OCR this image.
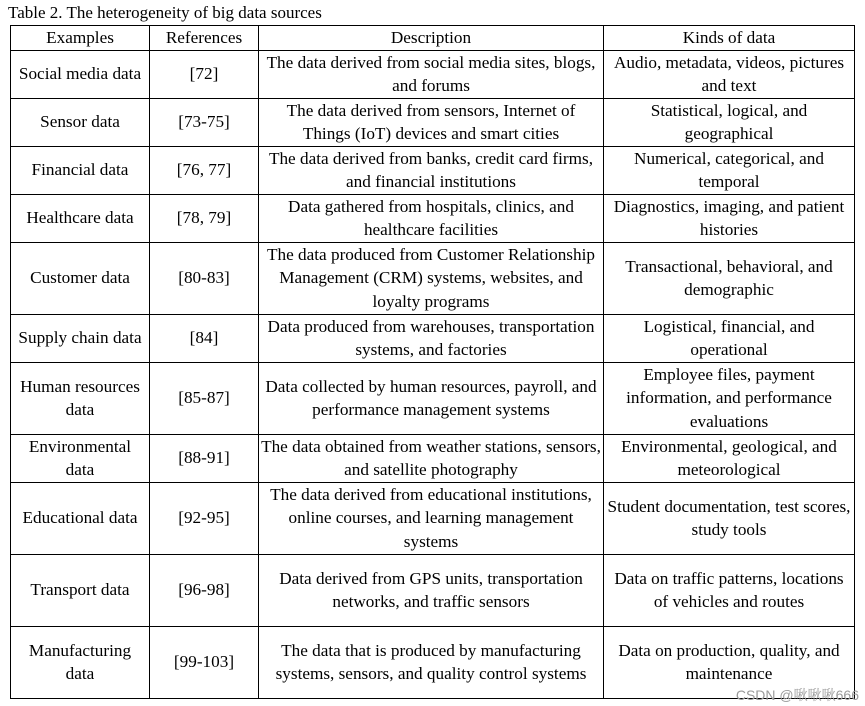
Table 2. The heterogeneity of big data sources
Examples	References	Description	Kinds of data
Social media data	[72]	The data derived from social media sites, blogs, and forums	Audio, metadata, videos, pictures and text
Sensor data	[73-75]	The data derived from sensors, Internet of Things (IoT) devices and smart cities	Statistical, logical, and geographical
Financial data	[76, 77]	The data derived from banks, credit card firms, and financial institutions	Numerical, categorical, and temporal
Healthcare data	[78, 79]	Data gathered from hospitals, clinics, and healthcare facilities	Diagnostics, imaging, and patient histories
Customer data	[80-83]	The data produced from Customer Relationship Management (CRM) systems, websites, and loyalty programs	Transactional, behavioral, and demographic
Supply chain data	[84]	Data produced from warehouses, transportation systems, and factories	Logistical, financial, and operational
Human resources data	[85-87]	Data collected by human resources, payroll, and performance management systems	Employee files, payment information, and performance evaluations
Environmental data	[88-91]	The data obtained from weather stations, sensors, and satellite photography	Environmental, geological, and meteorological
Educational data	[92-95]	The data derived from educational institutions, online courses, and learning management systems	Student documentation, test scores, study tools
Transport data	[96-98]	Data derived from GPS units, transportation networks, and traffic sensors	Data on traffic patterns, locations of vehicles and routes
Manufacturing data	[99-103]	The data that is produced by manufacturing systems, sensors, and quality control systems	Data on production, quality, and maintenance
CSDN @啾啾啾666
